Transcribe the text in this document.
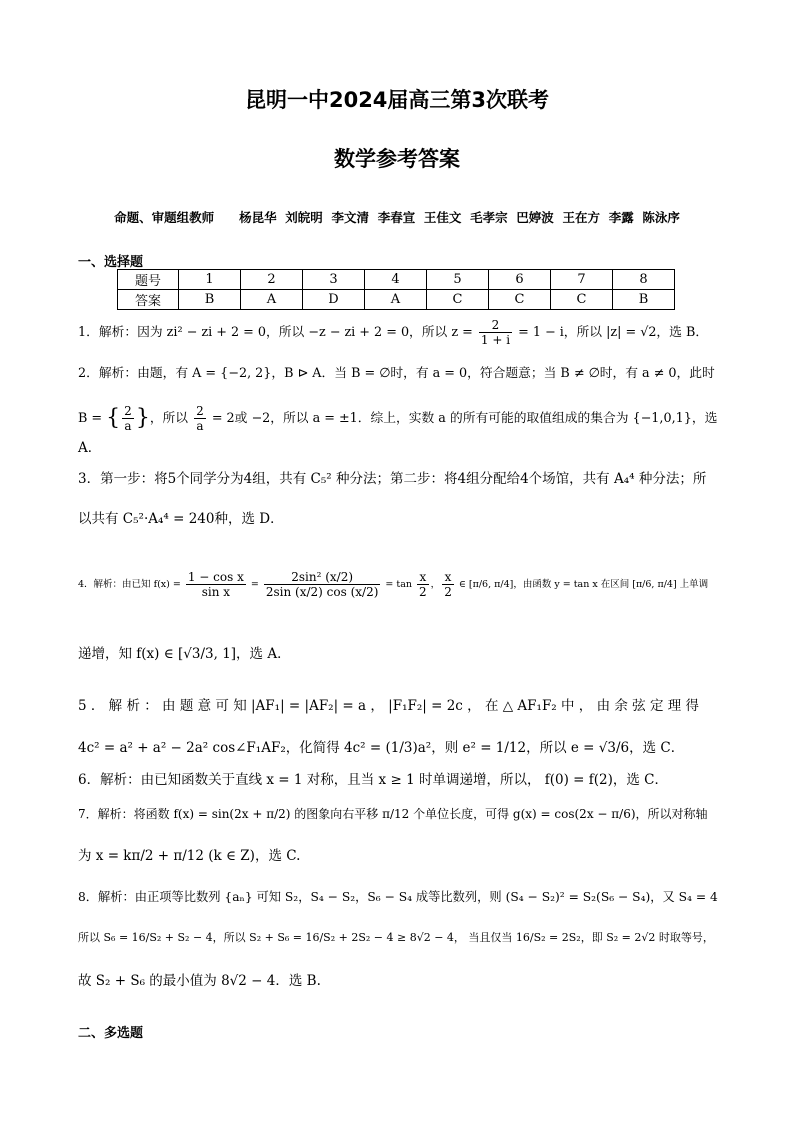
昆明一中2024届高三第3次联考
数学参考答案
命题、审题组教师　　杨昆华  刘皖明  李文清  李春宣  王佳文  毛孝宗  巴婷波  王在方  李露  陈泳序
一、选择题
题号	1	2	3	4	5	6	7	8
答案	B	A	D	A	C	C	C	B
1．解析：因为 zi² − zi + 2 = 0，所以 −z − zi + 2 = 0，所以 $z = \frac{2}{1 + i} = 1 - i$，所以 |z| = √2，选 B．
2．解析：由题，有 A = {−2, 2}，B ⊳ A．当 B = ∅时，有 a = 0，符合题意；当 B ≠ ∅时，有 a ≠ 0，此时
B = { $\frac{2}{a}$ }，所以 $\frac{2}{a} = 2$或 −2，所以 a = ±1．综上，实数 a 的所有可能的取值组成的集合为 {−1,0,1}，选
A．
3．第一步：将5个同学分为4组，共有 C₅² 种分法；第二步：将4组分配给4个场馆，共有 A₄⁴ 种分法；所
以共有 C₅²·A₄⁴ = 240种，选 D．
4．解析：由已知 $f(x) = \frac{\text{1 − cos x}}{\text{sin x}} = \frac{\text{2sin² (x/2)}}{2\sin (x/2) \cos (x/2)} = \tan \frac{x}{2}$ ， $\frac{x}{2}$ ∈ [π/6, π/4]，由函数 y = tan x 在区间 [π/6, π/4] 上单调
递增，知 f(x) ∈ [√3/3, 1]，选 A．
5 ． 解 析 ： 由 题 意 可 知 |AF₁| = |AF₂| = a ， |F₁F₂| = 2c ， 在 △ AF₁F₂ 中 ， 由 余 弦 定 理 得
4c² = a² + a² − 2a² cos∠F₁AF₂，化简得 4c² = (1/3)a²，则 e² = 1/12，所以 e = √3/6，选 C．
6．解析：由已知函数关于直线 x = 1 对称，且当 x ≥ 1 时单调递增，所以， f(0) = f(2)，选 C．
7．解析：将函数 f(x) = sin(2x + π/2) 的图象向右平移 π/12 个单位长度，可得 g(x) = cos(2x − π/6)，所以对称轴
为 x = kπ/2 + π/12 (k ∈ Z)，选 C.
8．解析：由正项等比数列 {aₙ} 可知 S₂，S₄ − S₂，S₆ − S₄ 成等比数列，则 (S₄ − S₂)² = S₂(S₆ − S₄)，又 S₄ = 4
所以 S₆ = 16/S₂ + S₂ − 4，所以 S₂ + S₆ = 16/S₂ + 2S₂ − 4 ≥ 8√2 − 4， 当且仅当 16/S₂ = 2S₂，即 S₂ = 2√2 时取等号，
故 S₂ + S₆ 的最小值为 8√2 − 4．选 B.
二、多选题
